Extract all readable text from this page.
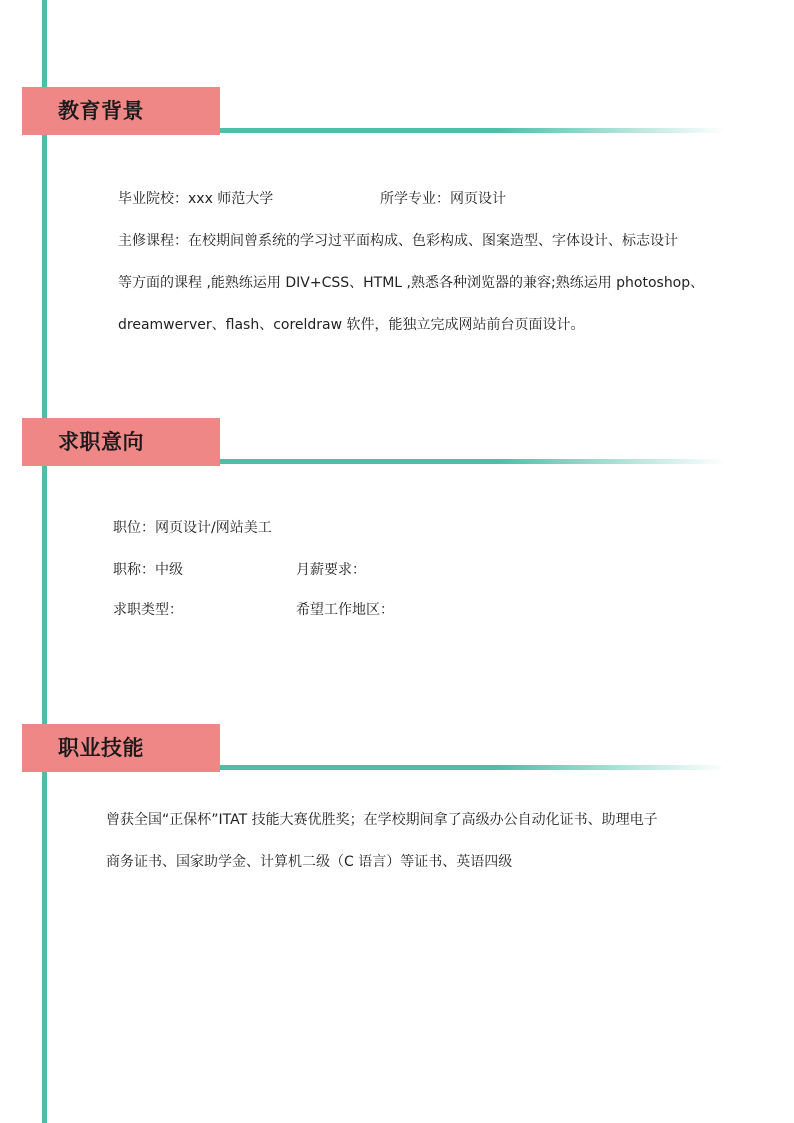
教育背景
毕业院校：xxx 师范大学	所学专业：网页设计
主修课程：在校期间曾系统的学习过平面构成、色彩构成、图案造型、字体设计、标志设计
等方面的课程 ,能熟练运用 DIV+CSS、HTML ,熟悉各种浏览器的兼容;熟练运用 photoshop、
dreamwerver、flash、coreldraw 软件，能独立完成网站前台页面设计。
求职意向
职位：网页设计/网站美工
职称：中级	月薪要求：
求职类型：	希望工作地区：
职业技能
曾获全国“正保杯”ITAT 技能大赛优胜奖；在学校期间拿了高级办公自动化证书、助理电子
商务证书、国家助学金、计算机二级（C 语言）等证书、英语四级
